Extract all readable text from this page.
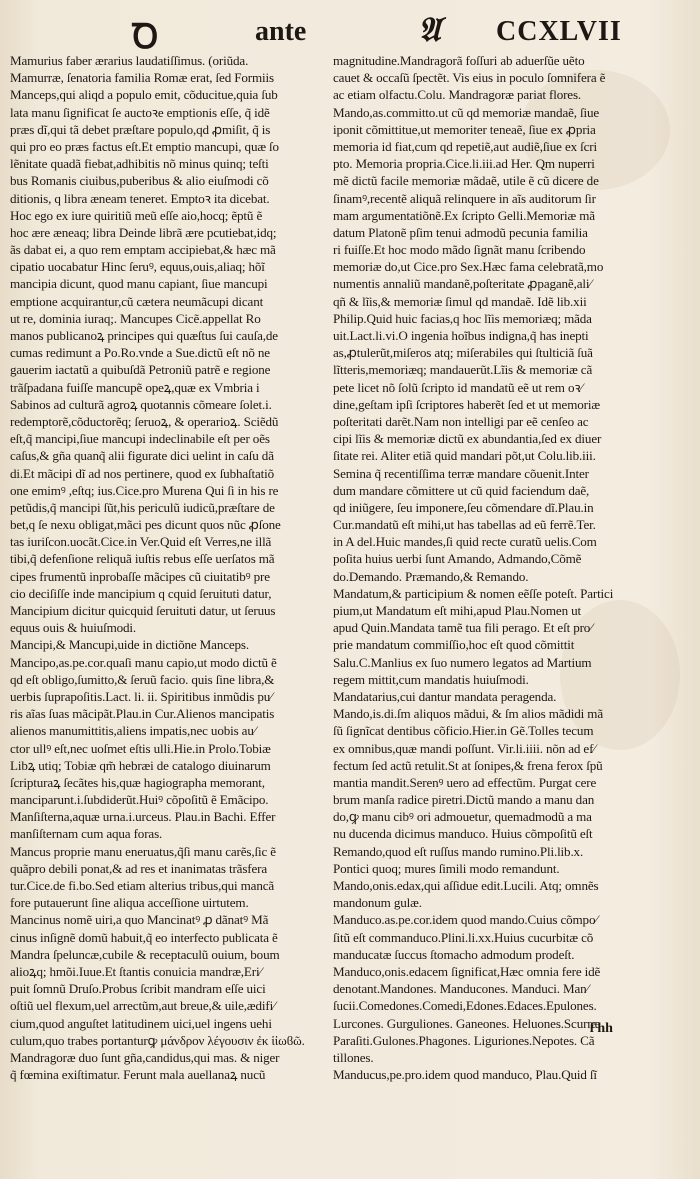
Ꝺ	ante	𝔄 CCXLVII
Mamurius faber ærarius laudatiſſimus. (oriũda.
Mamurræ, ſenatoria familia Romæ erat, ſed Formiis
Manceps,qui aliqd a populo emit, cõducitue,quia ſub
lata manu ſignificat ſe auctoꝛe emptionis eſſe, q̃ idẽ
præs dĩ,qui tã debet præſtare populo,qd ꝓmiſit, q̃ is
qui pro eo præs factus eſt.Et emptio mancupi, quæ ſo
lẽnitate quadã fiebat,adhibitis nõ minus quinq; teſti
bus Romanis ciuibus,puberibus & alio eiuſmodi cõ
ditionis, q libra æneam teneret. Emptoꝛ ita dicebat.
Hoc ego ex iure quiritiũ meũ eſſe aio,hocq; ẽptũ ẽ
hoc ære æneaq; libra Deinde librã ære pcutiebat,idq;
ãs dabat ei, a quo rem emptam accipiebat,& hæc mã
cipatio uocabatur Hinc ſeruꝰ, equus,ouis,aliaq; hõĩ
mancipia dicunt, quod manu capiant, ſiue mancupi
emptione acquirantur,cũ cætera neumãcupi dicant
ut re, dominia iuraq;. Mancupes Cicẽ.appellat Ro
manos publicanoꝝ principes qui quæſtus ſui cauſa,de
cumas redimunt a Po.Ro.vnde a Sue.dictũ eſt nõ ne
gauerim iactatũ a quibuſdã Petroniũ patrẽ e regione
trãſpadana fuiſſe mancupẽ opeꝝ,quæ ex Vmbria i
Sabinos ad culturã agroꝝ quotannis cõmeare ſolet.i.
redemptorẽ,cõductorẽq; ſeruoꝝ, & operarioꝝ. Sciẽdũ
eſt,q̃ mancipi,ſiue mancupi indeclinabile eſt per oẽs
caſus,& gña quanq̃ alii figurate dici uelint in caſu dã
di.Et mãcipi dĩ ad nos pertinere, quod ex ſubhaſtatiõ
one emimꝰ ,eſtq; ius.Cice.pro Murena Qui ſi in his re
petũdis,q̃ mancipi ſũt,his periculũ iudicũ,præſtare de
bet,q ſe nexu obligat,mãci pes dicunt quos nũc ꝓſone
tas iuriſcon.uocãt.Cice.in Ver.Quid eſt Verres,ne illã
tibi,q̃ defenſione reliquã iuſtis rebus eſſe uerſatos mã
cipes frumentũ inprobaſſe mãcipes cũ ciuitatibꝰ pre
cio deciſiſſe inde mancipium q cquid ſeruituti datur,
Mancipium dicitur quicquid ſeruituti datur, ut ſeruus
equus ouis & huiuſmodi.
Mancipi,& Mancupi,uide in dictiõne Manceps.
Mancipo,as.pe.cor.quaſi manu capio,ut modo dictũ ẽ
qd eſt obligo,ſumitto,& ſeruũ facio. quis ſine libra,&
uerbis ſuprapoſitis.Lact. li. ii. Spiritibus inmũdis pu⁄
ris aĩas ſuas mãcipãt.Plau.in Cur.Alienos mancipatis
alienos manumittitis,aliens impatis,nec uobis au⁄
ctor ullꝰ eſt,nec uoſmet eſtis ulli.Hie.in Prolo.Tobiæ
Libꝝ utiq; Tobiæ qm̃ hebræi de catalogo diuinarum
ſcripturaꝝ ſecãtes his,quæ hagiographa memorant,
manciparunt.i.ſubdiderũt.Huiꝰ cõpoſitũ ẽ Emãcipo.
Manſiſterna,aquæ urna.i.urceus. Plau.in Bachi. Effer
manſiſternam cum aqua foras.
Mancus proprie manu eneruatus,q̃ſi manu carẽs,ſic ẽ
quãpro debili ponat,& ad res et inanimatas trãsfera
tur.Cice.de fi.bo.Sed etiam alterius tribus,qui mancã
fore putauerunt ſine aliqua acceſſione uirtutem.
Mancinus nomẽ uiri,a quo Mancinatꝰ ꝓ dãnatꝰ Mã
cinus inſignẽ domũ habuit,q̃ eo interfecto publicata ẽ
Mandra ſpeluncæ,cubile & receptaculũ ouium, boum
alioꝝq; hmõi.Iuue.Et ſtantis conuicia mandræ,Eri⁄
puit ſomnũ Druſo.Probus ſcribit mandram eſſe uici
oſtiũ uel flexum,uel arrectũm,aut breue,& uile,ædifi⁄
cium,quod anguſtet latitudinem uici,uel ingens uehi
culum,quo trabes portanturꝙ μάνδρον λέγουσιν ἐκ ἱἰωϐῶ.
Mandragoræ duo ſunt gña,candidus,qui mas. & niger
q̃ fœmina exiſtimatur. Ferunt mala auellanaꝝ nucũ
magnitudine.Mandragorã foſſuri ab aduerſũe uẽto
cauet & occaſũ ſpectẽt. Vis eius in poculo ſomnifera ẽ
ac etiam olfactu.Colu. Mandragoræ pariat flores.
Mando,as.committo.ut cũ qd memoriæ mandaẽ, ſiue
iponit cõmittitue,ut memoriter teneaẽ, ſiue ex ꝓpria
memoria id fiat,cum qd repetiẽ,aut audiẽ,ſiue ex ſcri
pto. Memoria propria.Cice.li.iii.ad Her. Qm nuperri
mẽ dictũ facile memoriæ mãdaẽ, utile ẽ cũ dicere de
ſinamꝰ,recentẽ aliquã relinquere in aĩs auditorum ſir
mam argumentatiõnẽ.Ex ſcripto Gelli.Memoriæ mã
datum Platonẽ pſim tenui admodũ pecunia familia
ri fuiſſe.Et hoc modo mãdo ſignãt manu ſcribendo
memoriæ do,ut Cice.pro Sex.Hæc fama celebratã,mo
numentis annaliũ mandanẽ,poſteritate ꝓpaganẽ,ali⁄
qñ & lĩis,& memoriæ ſimul qd mandaẽ. Idẽ lib.xii
Philip.Quid huic facias,q hoc lĩis memoriæq; mãda
uit.Lact.li.vi.O ingenia hoĩbus indigna,q̃ has inepti
as,ꝓtulerũt,miſeros atq; miſerabiles qui ſtulticiã ſuã
lĩtteris,memoriæq; mandauerũt.Lĩis & memoriæ cã
pete licet nõ ſolũ ſcripto id mandatũ eẽ ut rem oꝛ⁄
dine,geſtam ipſi ſcriptores haberẽt ſed et ut memoriæ
poſteritati darẽt.Nam non intelligi par eẽ cenſeo ac
cipi lĩis & memoriæ dictũ ex abundantia,ſed ex diuer
ſitate rei. Aliter etiã quid mandari põt,ut Colu.lib.iii.
Semina q̃ recentiſſima terræ mandare cõuenit.Inter
dum mandare cõmittere ut cũ quid faciendum daẽ,
qd iniũgere, ſeu imponere,ſeu cõmendare dĩ.Plau.in
Cur.mandatũ eſt mihi,ut has tabellas ad eũ ferrẽ.Ter.
in A del.Huic mandes,ſi quid recte curatũ uelis.Com
poſita huius uerbi ſunt Amando, Admando,Cõmẽ
do.Demando. Præmando,& Remando.
Mandatum,& participium & nomen eẽſſe poteſt. Partici
pium,ut Mandatum eſt mihi,apud Plau.Nomen ut
apud Quin.Mandata tamẽ tua fili perago. Et eſt pro⁄
prie mandatum commiſſio,hoc eſt quod cõmittit
Salu.C.Manlius ex ſuo numero legatos ad Martium
regem mittit,cum mandatis huiuſmodi.
Mandatarius,cui dantur mandata peragenda.
Mando,is.di.ſm aliquos mãdui, & ſm alios mãdidi mã
ſũ ſignĩcat dentibus cõficio.Hier.in Gẽ.Tolles tecum
ex omnibus,quæ mandi poſſunt. Vir.li.iiii. nõn ad ef⁄
fectum ſed actũ retulit.St at ſonipes,& frena ferox ſpũ
mantia mandit.Serenꝰ uero ad effectũm. Purgat cere
brum manſa radice piretri.Dictũ mando a manu dan
do,ꝙ manu cibꝰ ori admouetur, quemadmodũ a ma
nu ducenda dicimus manduco. Huius cõmpoſitũ eſt
Remando,quod eſt ruſſus mando rumino.Pli.lib.x.
Pontici quoq; mures ſimili modo remandunt.
Mando,onis.edax,qui aſſidue edit.Lucili. Atq; omnẽs
mandonum gulæ.
Manduco.as.pe.cor.idem quod mando.Cuius cõmpo⁄
ſitũ eſt commanduco.Plini.li.xx.Huius cucurbitæ cõ
manducatæ ſuccus ſtomacho admodum prodeſt.
Manduco,onis.edacem ſignificat,Hæc omnia fere idẽ
denotant.Mandones. Manducones. Manduci. Man⁄
ſucii.Comedones.Comedi,Edones.Edaces.Epulones.
Lurcones. Gurguliones. Ganeones. Heluones.Scurræ
Paraſiti.Gulones.Phagones. Liguriones.Nepotes. Cã
tillones.
Manducus,pe.pro.idem quod manduco, Plau.Quid ſĩ
ſ hh
